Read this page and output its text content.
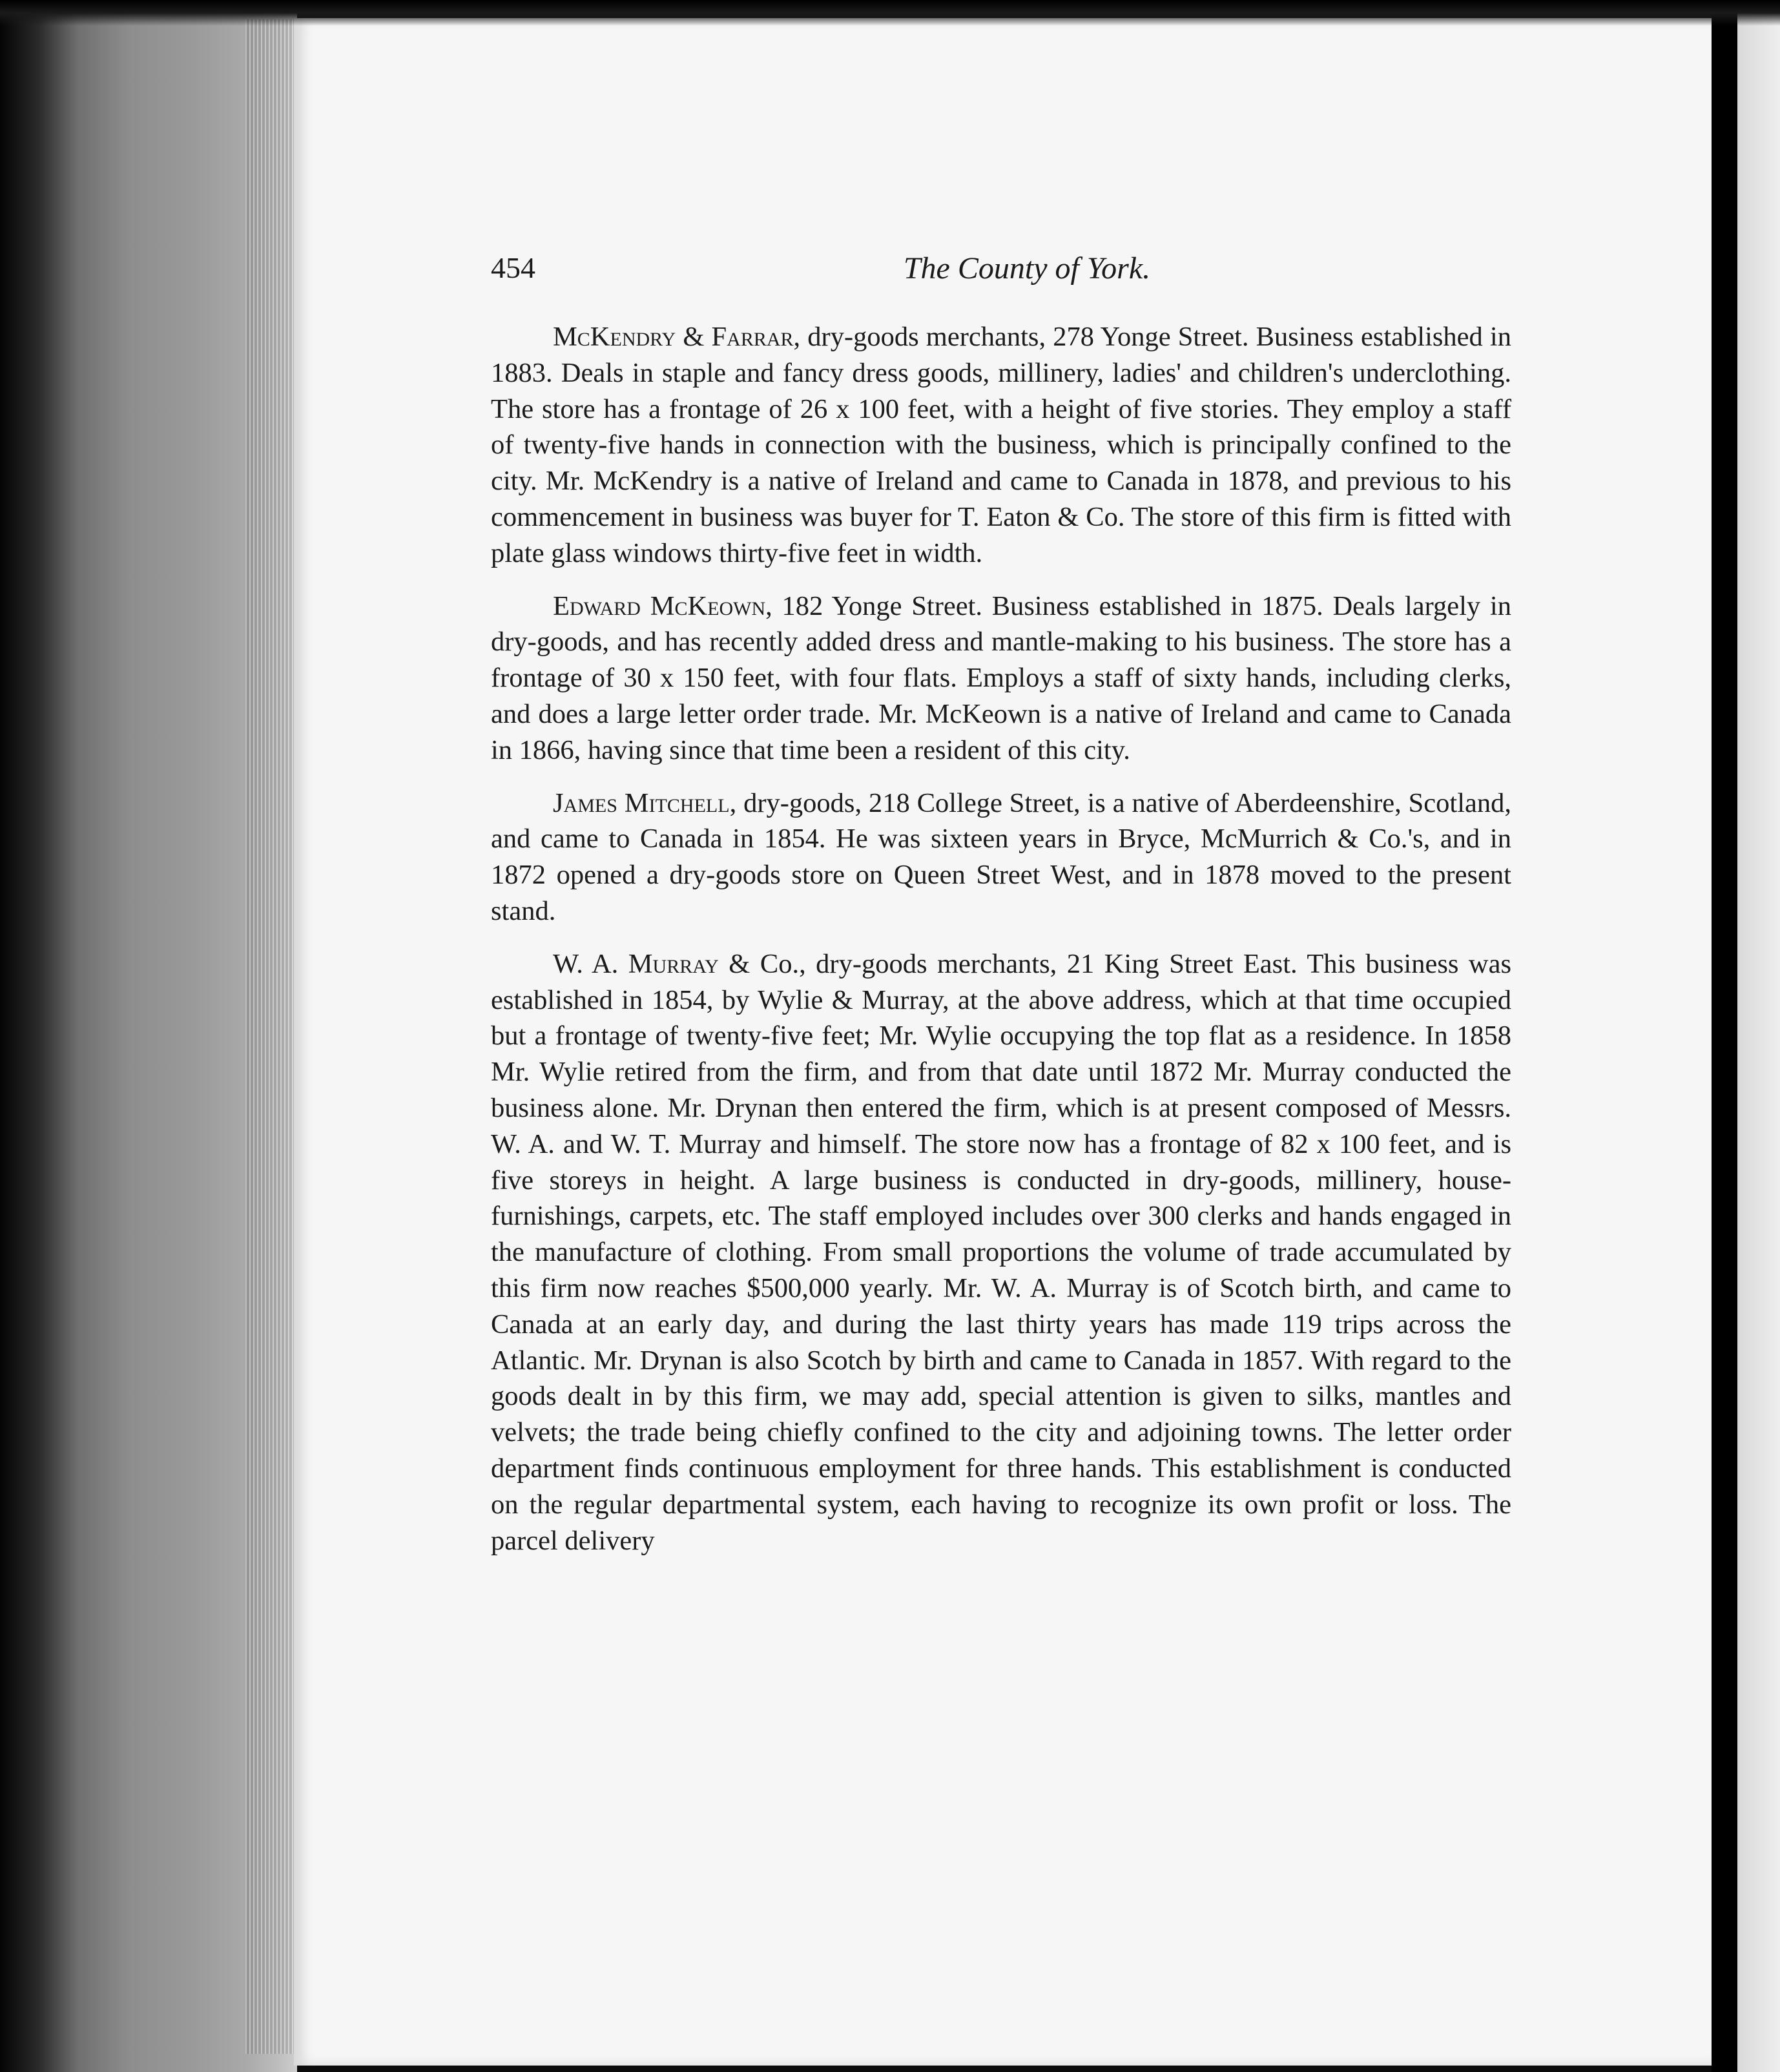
454	The County of York.

McKendry & Farrar, dry-goods merchants, 278 Yonge Street. Business established in 1883. Deals in staple and fancy dress goods, millinery, ladies' and children's underclothing. The store has a frontage of 26 x 100 feet, with a height of five stories. They employ a staff of twenty-five hands in connection with the business, which is principally confined to the city. Mr. McKendry is a native of Ireland and came to Canada in 1878, and previous to his commencement in business was buyer for T. Eaton & Co. The store of this firm is fitted with plate glass windows thirty-five feet in width.

Edward McKeown, 182 Yonge Street. Business established in 1875. Deals largely in dry-goods, and has recently added dress and mantle-making to his business. The store has a frontage of 30 x 150 feet, with four flats. Employs a staff of sixty hands, including clerks, and does a large letter order trade. Mr. McKeown is a native of Ireland and came to Canada in 1866, having since that time been a resident of this city.

James Mitchell, dry-goods, 218 College Street, is a native of Aberdeenshire, Scotland, and came to Canada in 1854. He was sixteen years in Bryce, McMurrich & Co.'s, and in 1872 opened a dry-goods store on Queen Street West, and in 1878 moved to the present stand.

W. A. Murray & Co., dry-goods merchants, 21 King Street East. This business was established in 1854, by Wylie & Murray, at the above address, which at that time occupied but a frontage of twenty-five feet; Mr. Wylie occupying the top flat as a residence. In 1858 Mr. Wylie retired from the firm, and from that date until 1872 Mr. Murray conducted the business alone. Mr. Drynan then entered the firm, which is at present composed of Messrs. W. A. and W. T. Murray and himself. The store now has a frontage of 82 x 100 feet, and is five storeys in height. A large business is conducted in dry-goods, millinery, house-furnishings, carpets, etc. The staff employed includes over 300 clerks and hands engaged in the manufacture of clothing. From small proportions the volume of trade accumulated by this firm now reaches $500,000 yearly. Mr. W. A. Murray is of Scotch birth, and came to Canada at an early day, and during the last thirty years has made 119 trips across the Atlantic. Mr. Drynan is also Scotch by birth and came to Canada in 1857. With regard to the goods dealt in by this firm, we may add, special attention is given to silks, mantles and velvets; the trade being chiefly confined to the city and adjoining towns. The letter order department finds continuous employment for three hands. This establishment is conducted on the regular departmental system, each having to recognize its own profit or loss. The parcel delivery
